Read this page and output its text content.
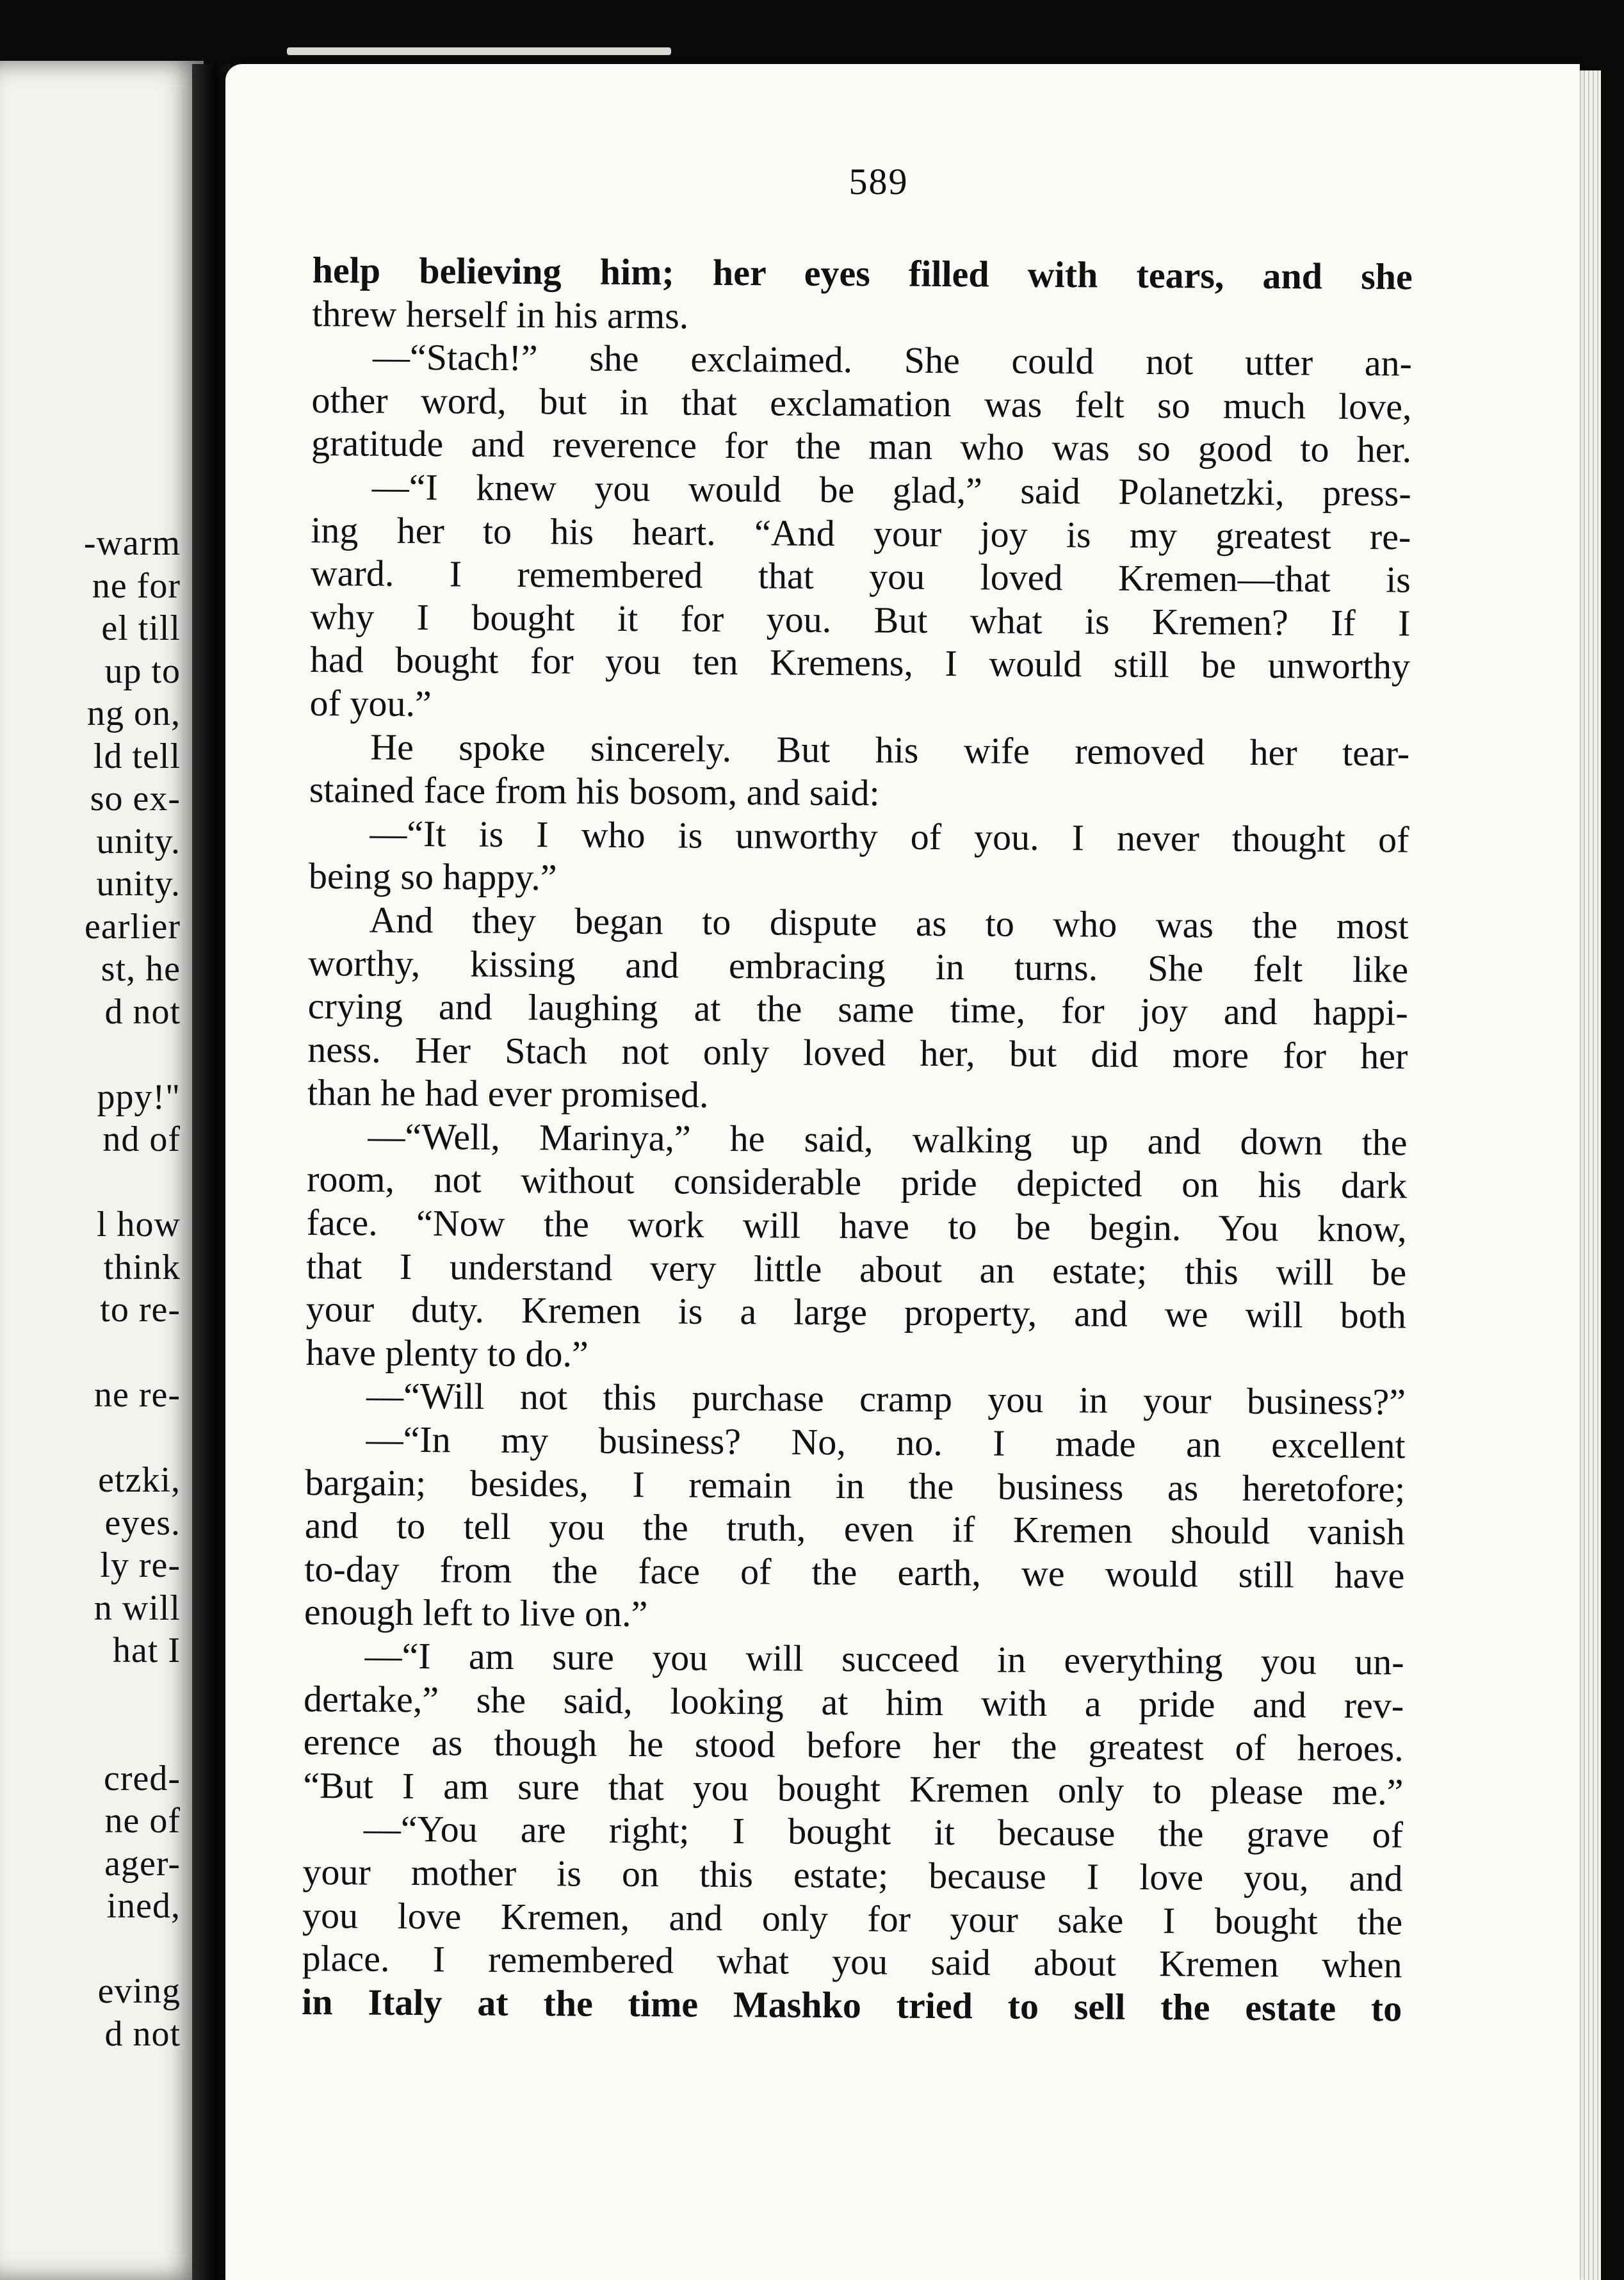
-warm
ne for
el till
up to
ng on,
ld tell
so ex-
unity.
unity.
earlier
st, he
d not

ppy!"
nd of

l how
think
to re-

ne re-

etzki,
eyes.
ly re-
n will
hat I

cred-
ne of
ager-
ined,

eving
d not
589
help believing him; her eyes filled with tears, and she
threw herself in his arms.
—“Stach!” she exclaimed. She could not utter an-
other word, but in that exclamation was felt so much love,
gratitude and reverence for the man who was so good to her.
—“I knew you would be glad,” said Polanetzki, press-
ing her to his heart. “And your joy is my greatest re-
ward. I remembered that you loved Kremen—that is
why I bought it for you. But what is Kremen? If I
had bought for you ten Kremens, I would still be unworthy
of you.”
He spoke sincerely. But his wife removed her tear-
stained face from his bosom, and said:
—“It is I who is unworthy of you. I never thought of
being so happy.”
And they began to dispute as to who was the most
worthy, kissing and embracing in turns. She felt like
crying and laughing at the same time, for joy and happi-
ness. Her Stach not only loved her, but did more for her
than he had ever promised.
—“Well, Marinya,” he said, walking up and down the
room, not without considerable pride depicted on his dark
face. “Now the work will have to be begin. You know,
that I understand very little about an estate; this will be
your duty. Kremen is a large property, and we will both
have plenty to do.”
—“Will not this purchase cramp you in your business?”
—“In my business? No, no. I made an excellent
bargain; besides, I remain in the business as heretofore;
and to tell you the truth, even if Kremen should vanish
to-day from the face of the earth, we would still have
enough left to live on.”
—“I am sure you will succeed in everything you un-
dertake,” she said, looking at him with a pride and rev-
erence as though he stood before her the greatest of heroes.
“But I am sure that you bought Kremen only to please me.”
—“You are right; I bought it because the grave of
your mother is on this estate; because I love you, and
you love Kremen, and only for your sake I bought the
place. I remembered what you said about Kremen when
in Italy at the time Mashko tried to sell the estate to
